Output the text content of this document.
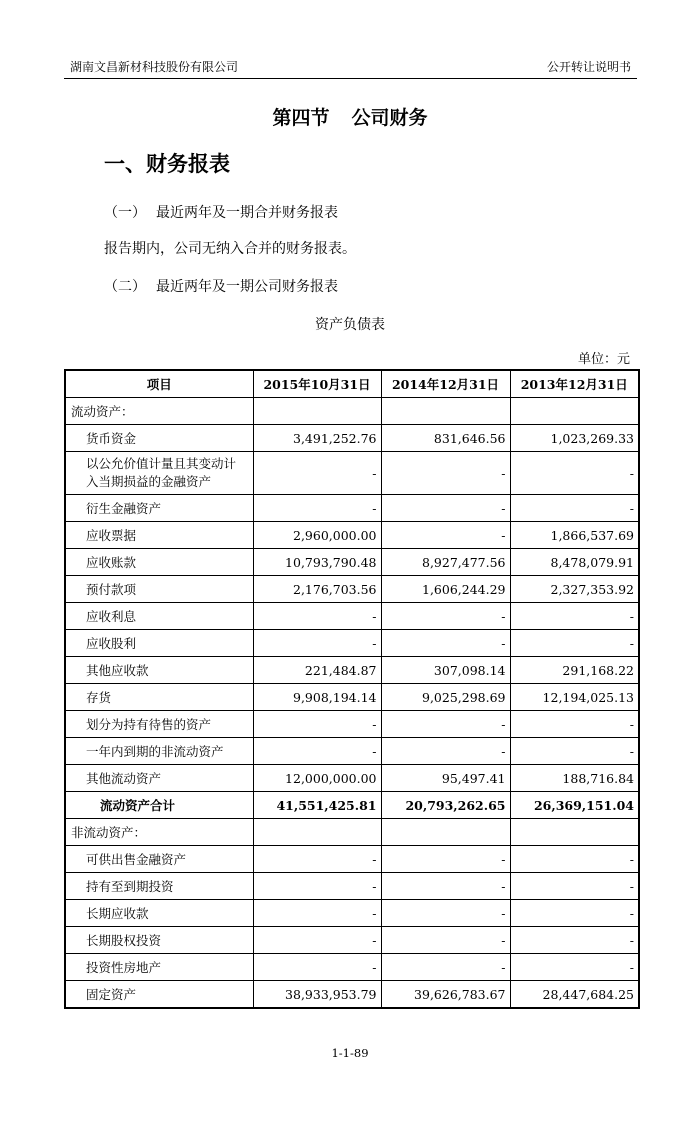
湖南文昌新材科技股份有限公司	公开转让说明书
第四节 公司财务
一、财务报表
（一） 最近两年及一期合并财务报表
报告期内，公司无纳入合并的财务报表。
（二） 最近两年及一期公司财务报表
资产负债表
单位：元
项目	2015年10月31日	2014年12月31日	2013年12月31日
流动资产：			
货币资金	3,491,252.76	831,646.56	1,023,269.33
以公允价值计量且其变动计入当期损益的金融资产	-	-	-
衍生金融资产	-	-	-
应收票据	2,960,000.00	-	1,866,537.69
应收账款	10,793,790.48	8,927,477.56	8,478,079.91
预付款项	2,176,703.56	1,606,244.29	2,327,353.92
应收利息	-	-	-
应收股利	-	-	-
其他应收款	221,484.87	307,098.14	291,168.22
存货	9,908,194.14	9,025,298.69	12,194,025.13
划分为持有待售的资产	-	-	-
一年内到期的非流动资产	-	-	-
其他流动资产	12,000,000.00	95,497.41	188,716.84
流动资产合计	41,551,425.81	20,793,262.65	26,369,151.04
非流动资产：			
可供出售金融资产	-	-	-
持有至到期投资	-	-	-
长期应收款	-	-	-
长期股权投资	-	-	-
投资性房地产	-	-	-
固定资产	38,933,953.79	39,626,783.67	28,447,684.25
1-1-89
